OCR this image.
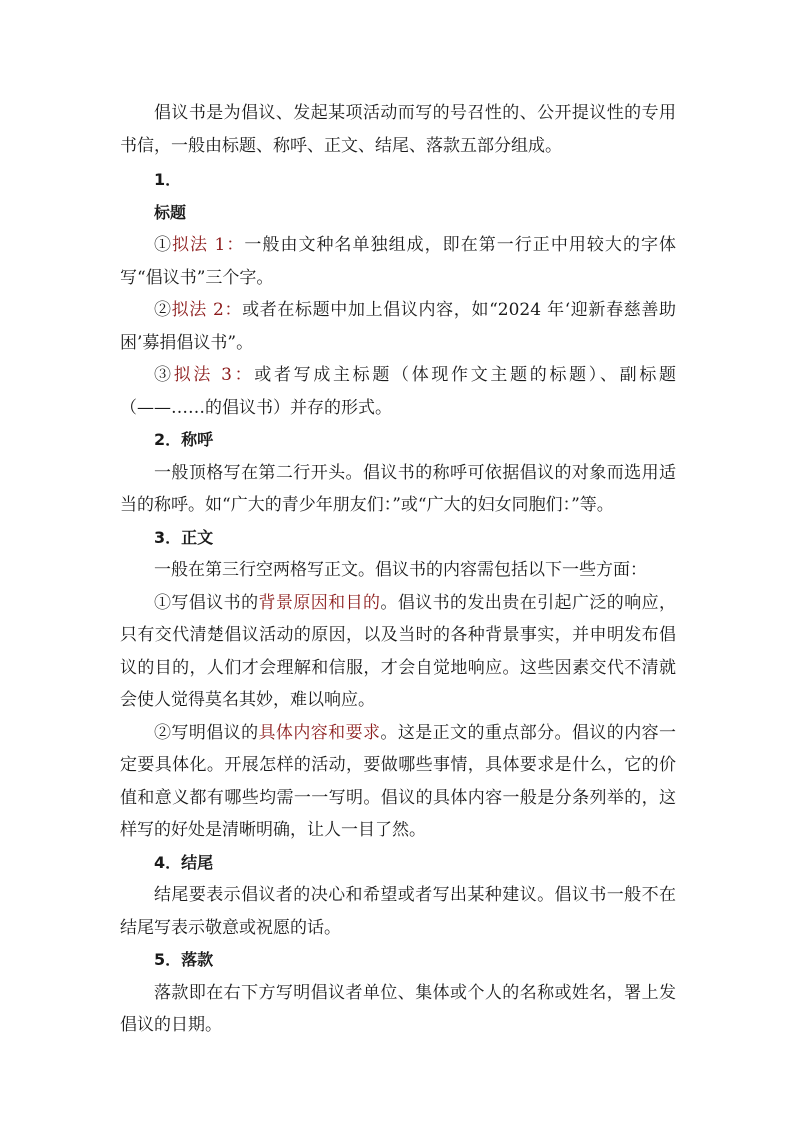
倡议书是为倡议、发起某项活动而写的号召性的、公开提议性的专用书信，一般由标题、称呼、正文、结尾、落款五部分组成。

1．

标题

①拟法 1：一般由文种名单独组成，即在第一行正中用较大的字体写“倡议书”三个字。

②拟法 2：或者在标题中加上倡议内容，如“2024 年‘迎新春慈善助困’募捐倡议书”。

③拟法 3：或者写成主标题（体现作文主题的标题）、副标题（——……的倡议书）并存的形式。

2．称呼

一般顶格写在第二行开头。倡议书的称呼可依据倡议的对象而选用适当的称呼。如“广大的青少年朋友们：”或“广大的妇女同胞们：”等。

3．正文

一般在第三行空两格写正文。倡议书的内容需包括以下一些方面：

①写倡议书的背景原因和目的。倡议书的发出贵在引起广泛的响应，只有交代清楚倡议活动的原因，以及当时的各种背景事实，并申明发布倡议的目的，人们才会理解和信服，才会自觉地响应。这些因素交代不清就会使人觉得莫名其妙，难以响应。

②写明倡议的具体内容和要求。这是正文的重点部分。倡议的内容一定要具体化。开展怎样的活动，要做哪些事情，具体要求是什么，它的价值和意义都有哪些均需一一写明。倡议的具体内容一般是分条列举的，这样写的好处是清晰明确，让人一目了然。

4．结尾

结尾要表示倡议者的决心和希望或者写出某种建议。倡议书一般不在结尾写表示敬意或祝愿的话。

5．落款

落款即在右下方写明倡议者单位、集体或个人的名称或姓名，署上发倡议的日期。
